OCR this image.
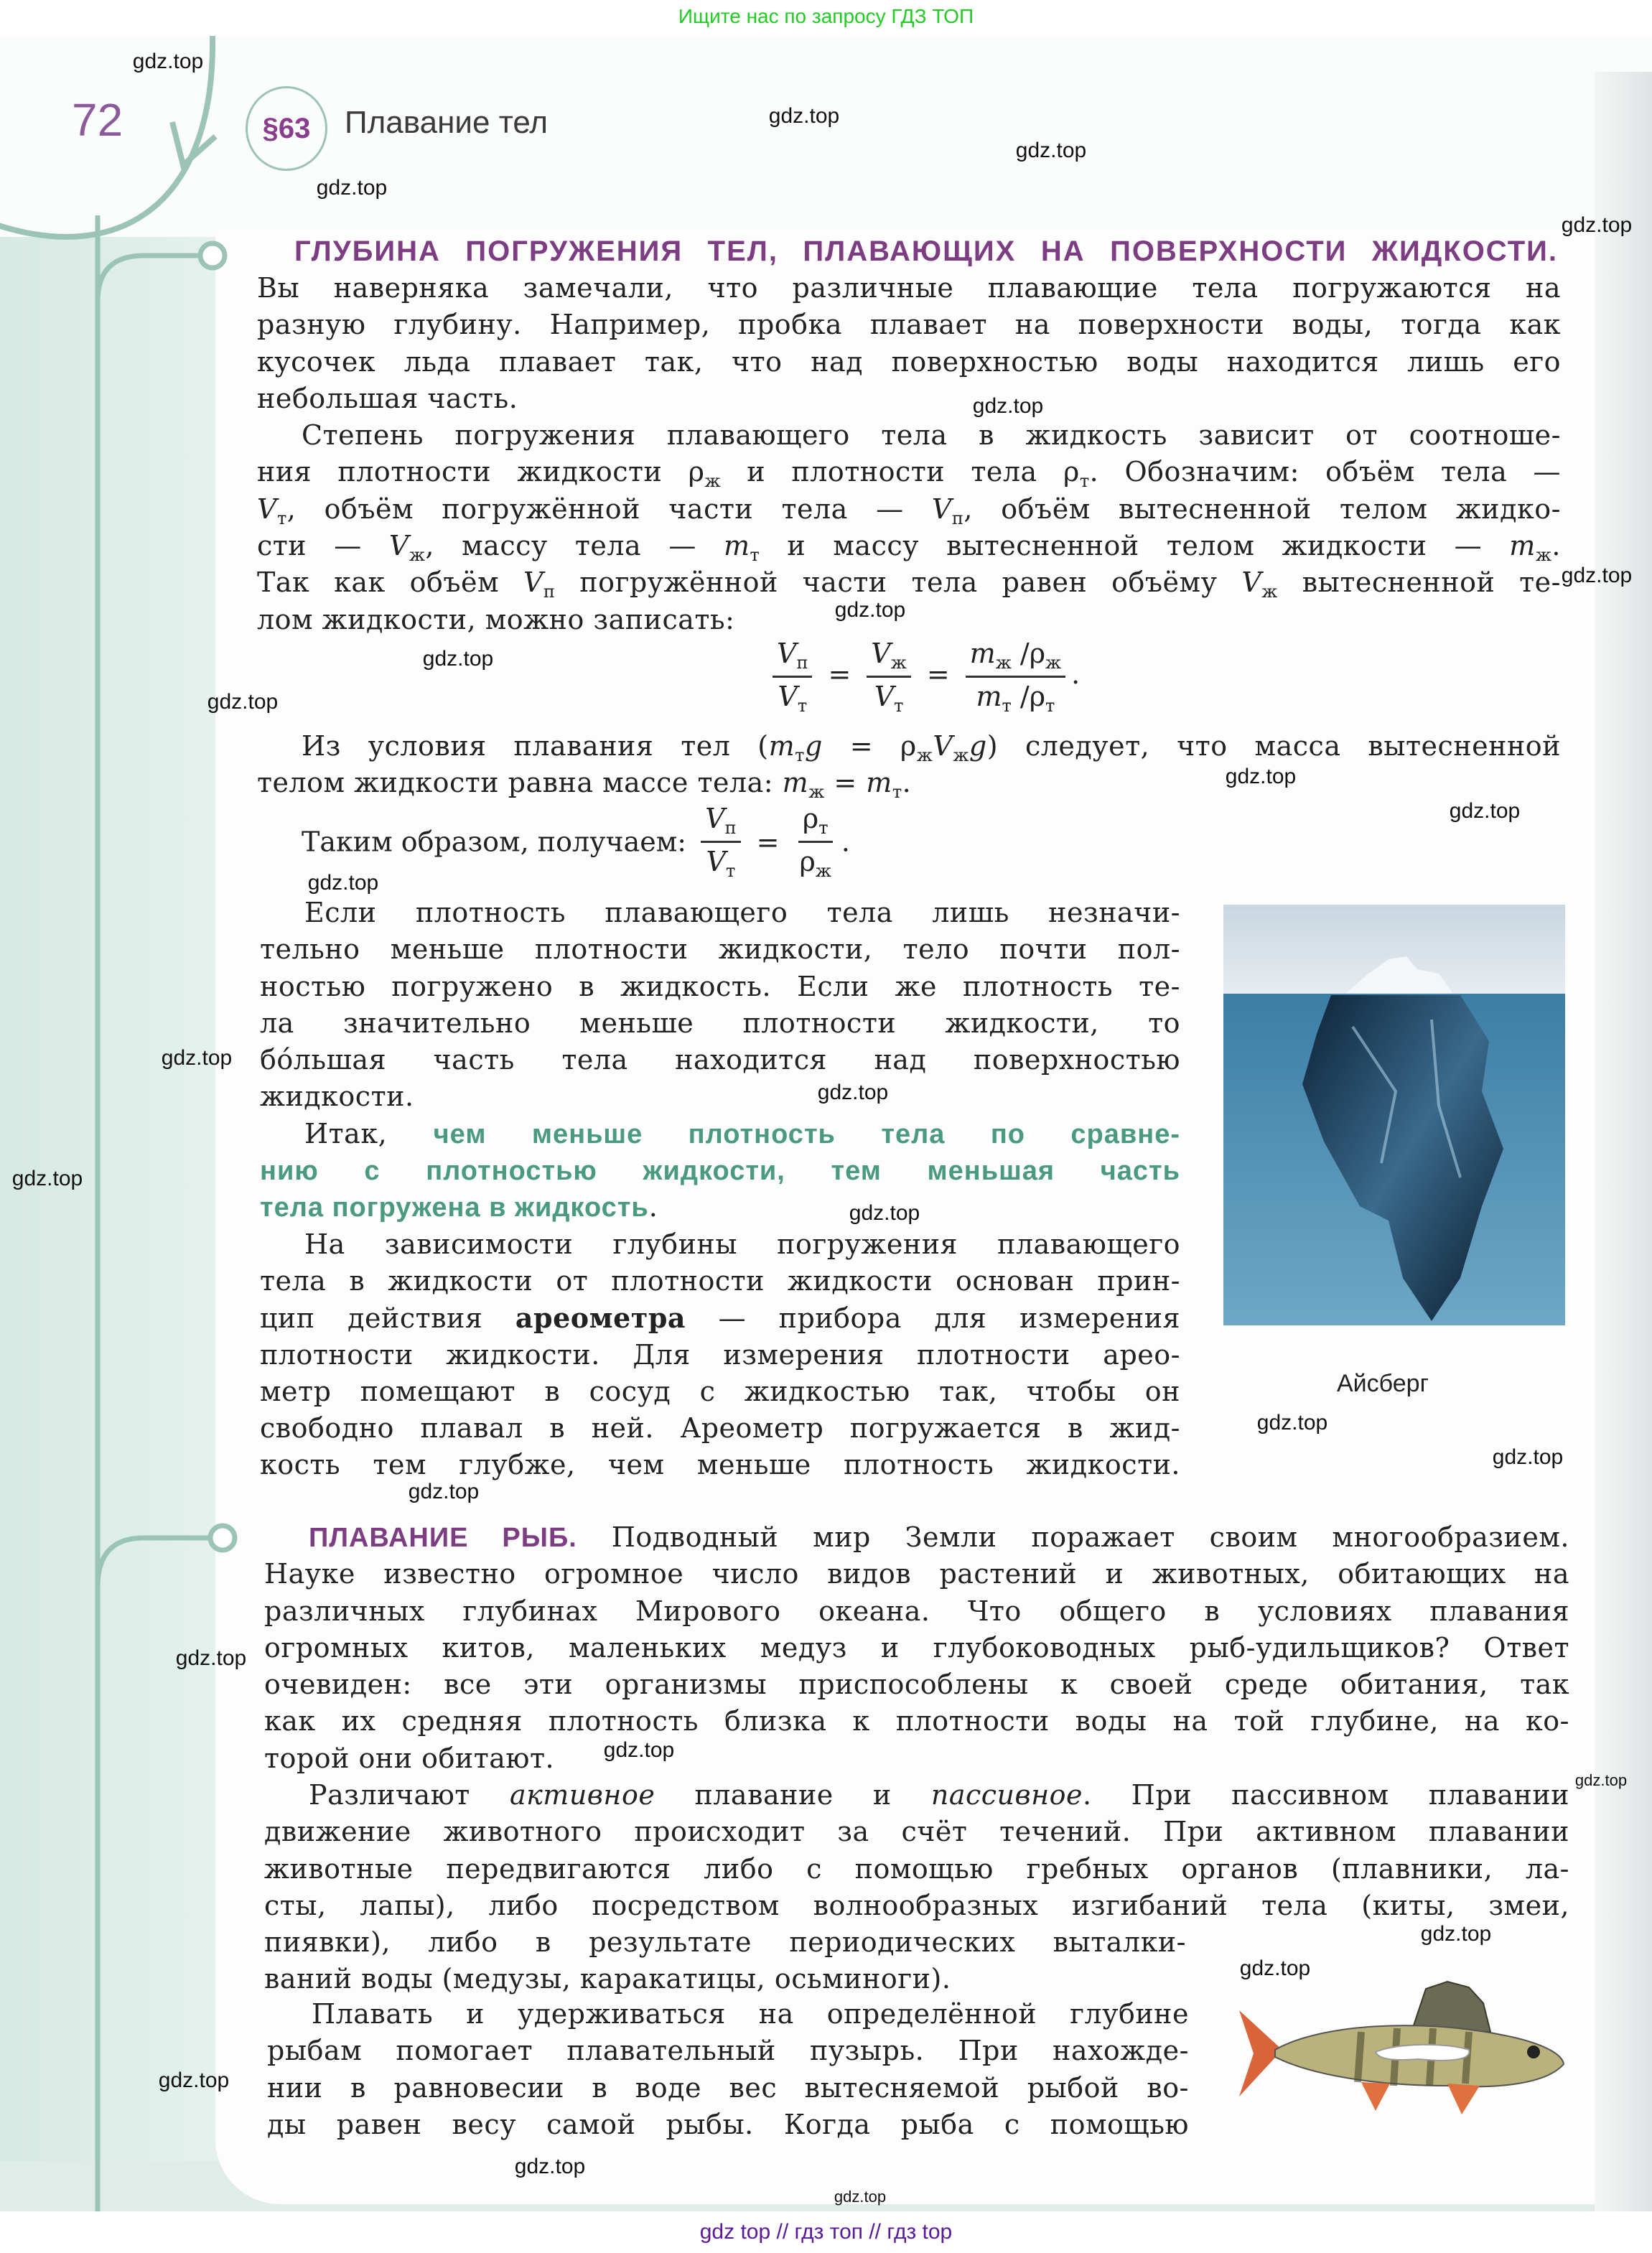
Ищите нас по запросу ГДЗ ТОП
72	§63	Плавание тел
ГЛУБИНА ПОГРУЖЕНИЯ ТЕЛ, ПЛАВАЮЩИХ НА ПОВЕРХНОСТИ ЖИДКОСТИ.
Вы наверняка замечали, что различные плавающие тела погружаются на
разную глубину. Например, пробка плавает на поверхности воды, тогда как
кусочек льда плавает так, что над поверхностью воды находится лишь его
небольшая часть.
Степень погружения плавающего тела в жидкость зависит от соотноше-
ния плотности жидкости $\rho_ж$ и плотности тела $\rho_т$. Обозначим: объём тела —
$V_т$, объём погружённой части тела — $V_п$, объём вытесненной телом жидко-
сти — $V_ж$, массу тела — $m_т$ и массу вытесненной телом жидкости — $m_ж$.
Так как объём $V_п$ погружённой части тела равен объёму $V_ж$ вытесненной те-
лом жидкости, можно записать:
$\frac{V_п}{V_т} = \frac{V_ж}{V_т} = \frac{m_ж /\rho_ж}{m_т /\rho_т}$ .
Из условия плавания тел $(m_тg = \rho_жV_жg)$ следует, что масса вытесненной
телом жидкости равна массе тела: $m_ж = m_т$.
Таким образом, получаем: $\frac{V_п}{V_т} = \frac{\rho_т}{\rho_ж}$ .
Если плотность плавающего тела лишь незначи-
тельно меньше плотности жидкости, тело почти пол-
ностью погружено в жидкость. Если же плотность те-
ла значительно меньше плотности жидкости, то
бóльшая часть тела находится над поверхностью
жидкости.
Итак, чем меньше плотность тела по сравне-
нию с плотностью жидкости, тем меньшая часть
тела погружена в жидкость.
На зависимости глубины погружения плавающего
тела в жидкости от плотности жидкости основан прин-
цип действия ареометра — прибора для измерения
плотности жидкости. Для измерения плотности арео-
метр помещают в сосуд с жидкостью так, чтобы он
свободно плавал в ней. Ареометр погружается в жид-
кость тем глубже, чем меньше плотность жидкости.
Айсберг
ПЛАВАНИЕ РЫБ. Подводный мир Земли поражает своим многообразием.
Науке известно огромное число видов растений и животных, обитающих на
различных глубинах Мирового океана. Что общего в условиях плавания
огромных китов, маленьких медуз и глубоководных рыб-удильщиков? Ответ
очевиден: все эти организмы приспособлены к своей среде обитания, так
как их средняя плотность близка к плотности воды на той глубине, на ко-
торой они обитают.
Различают активное плавание и пассивное. При пассивном плавании
движение животного происходит за счёт течений. При активном плавании
животные передвигаются либо с помощью гребных органов (плавники, ла-
сты, лапы), либо посредством волнообразных изгибаний тела (киты, змеи,
пиявки), либо в результате периодических выталки-
ваний воды (медузы, каракатицы, осьминоги).
Плавать и удерживаться на определённой глубине
рыбам помогает плавательный пузырь. При нахожде-
нии в равновесии в воде вес вытесняемой рыбой во-
ды равен весу самой рыбы. Когда рыба с помощью
gdz.top
gdz.top
gdz.top
gdz.top
gdz.top
gdz.top
gdz.top
gdz.top
gdz.top
gdz.top
gdz.top
gdz.top
gdz.top
gdz.top
gdz.top
gdz.top
gdz.top
gdz.top
gdz.top
gdz.top
gdz.top
gdz.top
gdz.top
gdz.top
gdz.top
gdz.top
gdz.top
gdz.top
gdz top // гдз топ // гдз top
